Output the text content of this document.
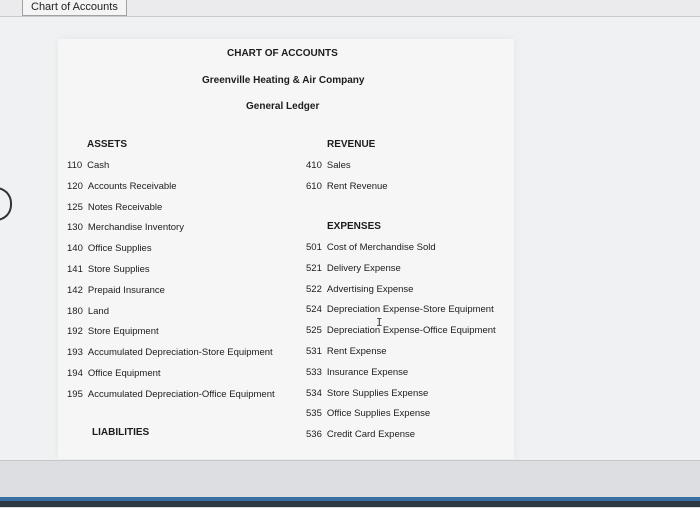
Chart of Accounts
CHART OF ACCOUNTS
Greenville Heating & Air Company
General Ledger
ASSETS
110 Cash
120 Accounts Receivable
125 Notes Receivable
130 Merchandise Inventory
140 Office Supplies
141 Store Supplies
142 Prepaid Insurance
180 Land
192 Store Equipment
193 Accumulated Depreciation-Store Equipment
194 Office Equipment
195 Accumulated Depreciation-Office Equipment
LIABILITIES
REVENUE
410 Sales
610 Rent Revenue
EXPENSES
501 Cost of Merchandise Sold
521 Delivery Expense
522 Advertising Expense
524 Depreciation Expense-Store Equipment
525 Depreciation Expense-Office Equipment
531 Rent Expense
533 Insurance Expense
534 Store Supplies Expense
535 Office Supplies Expense
536 Credit Card Expense
I
